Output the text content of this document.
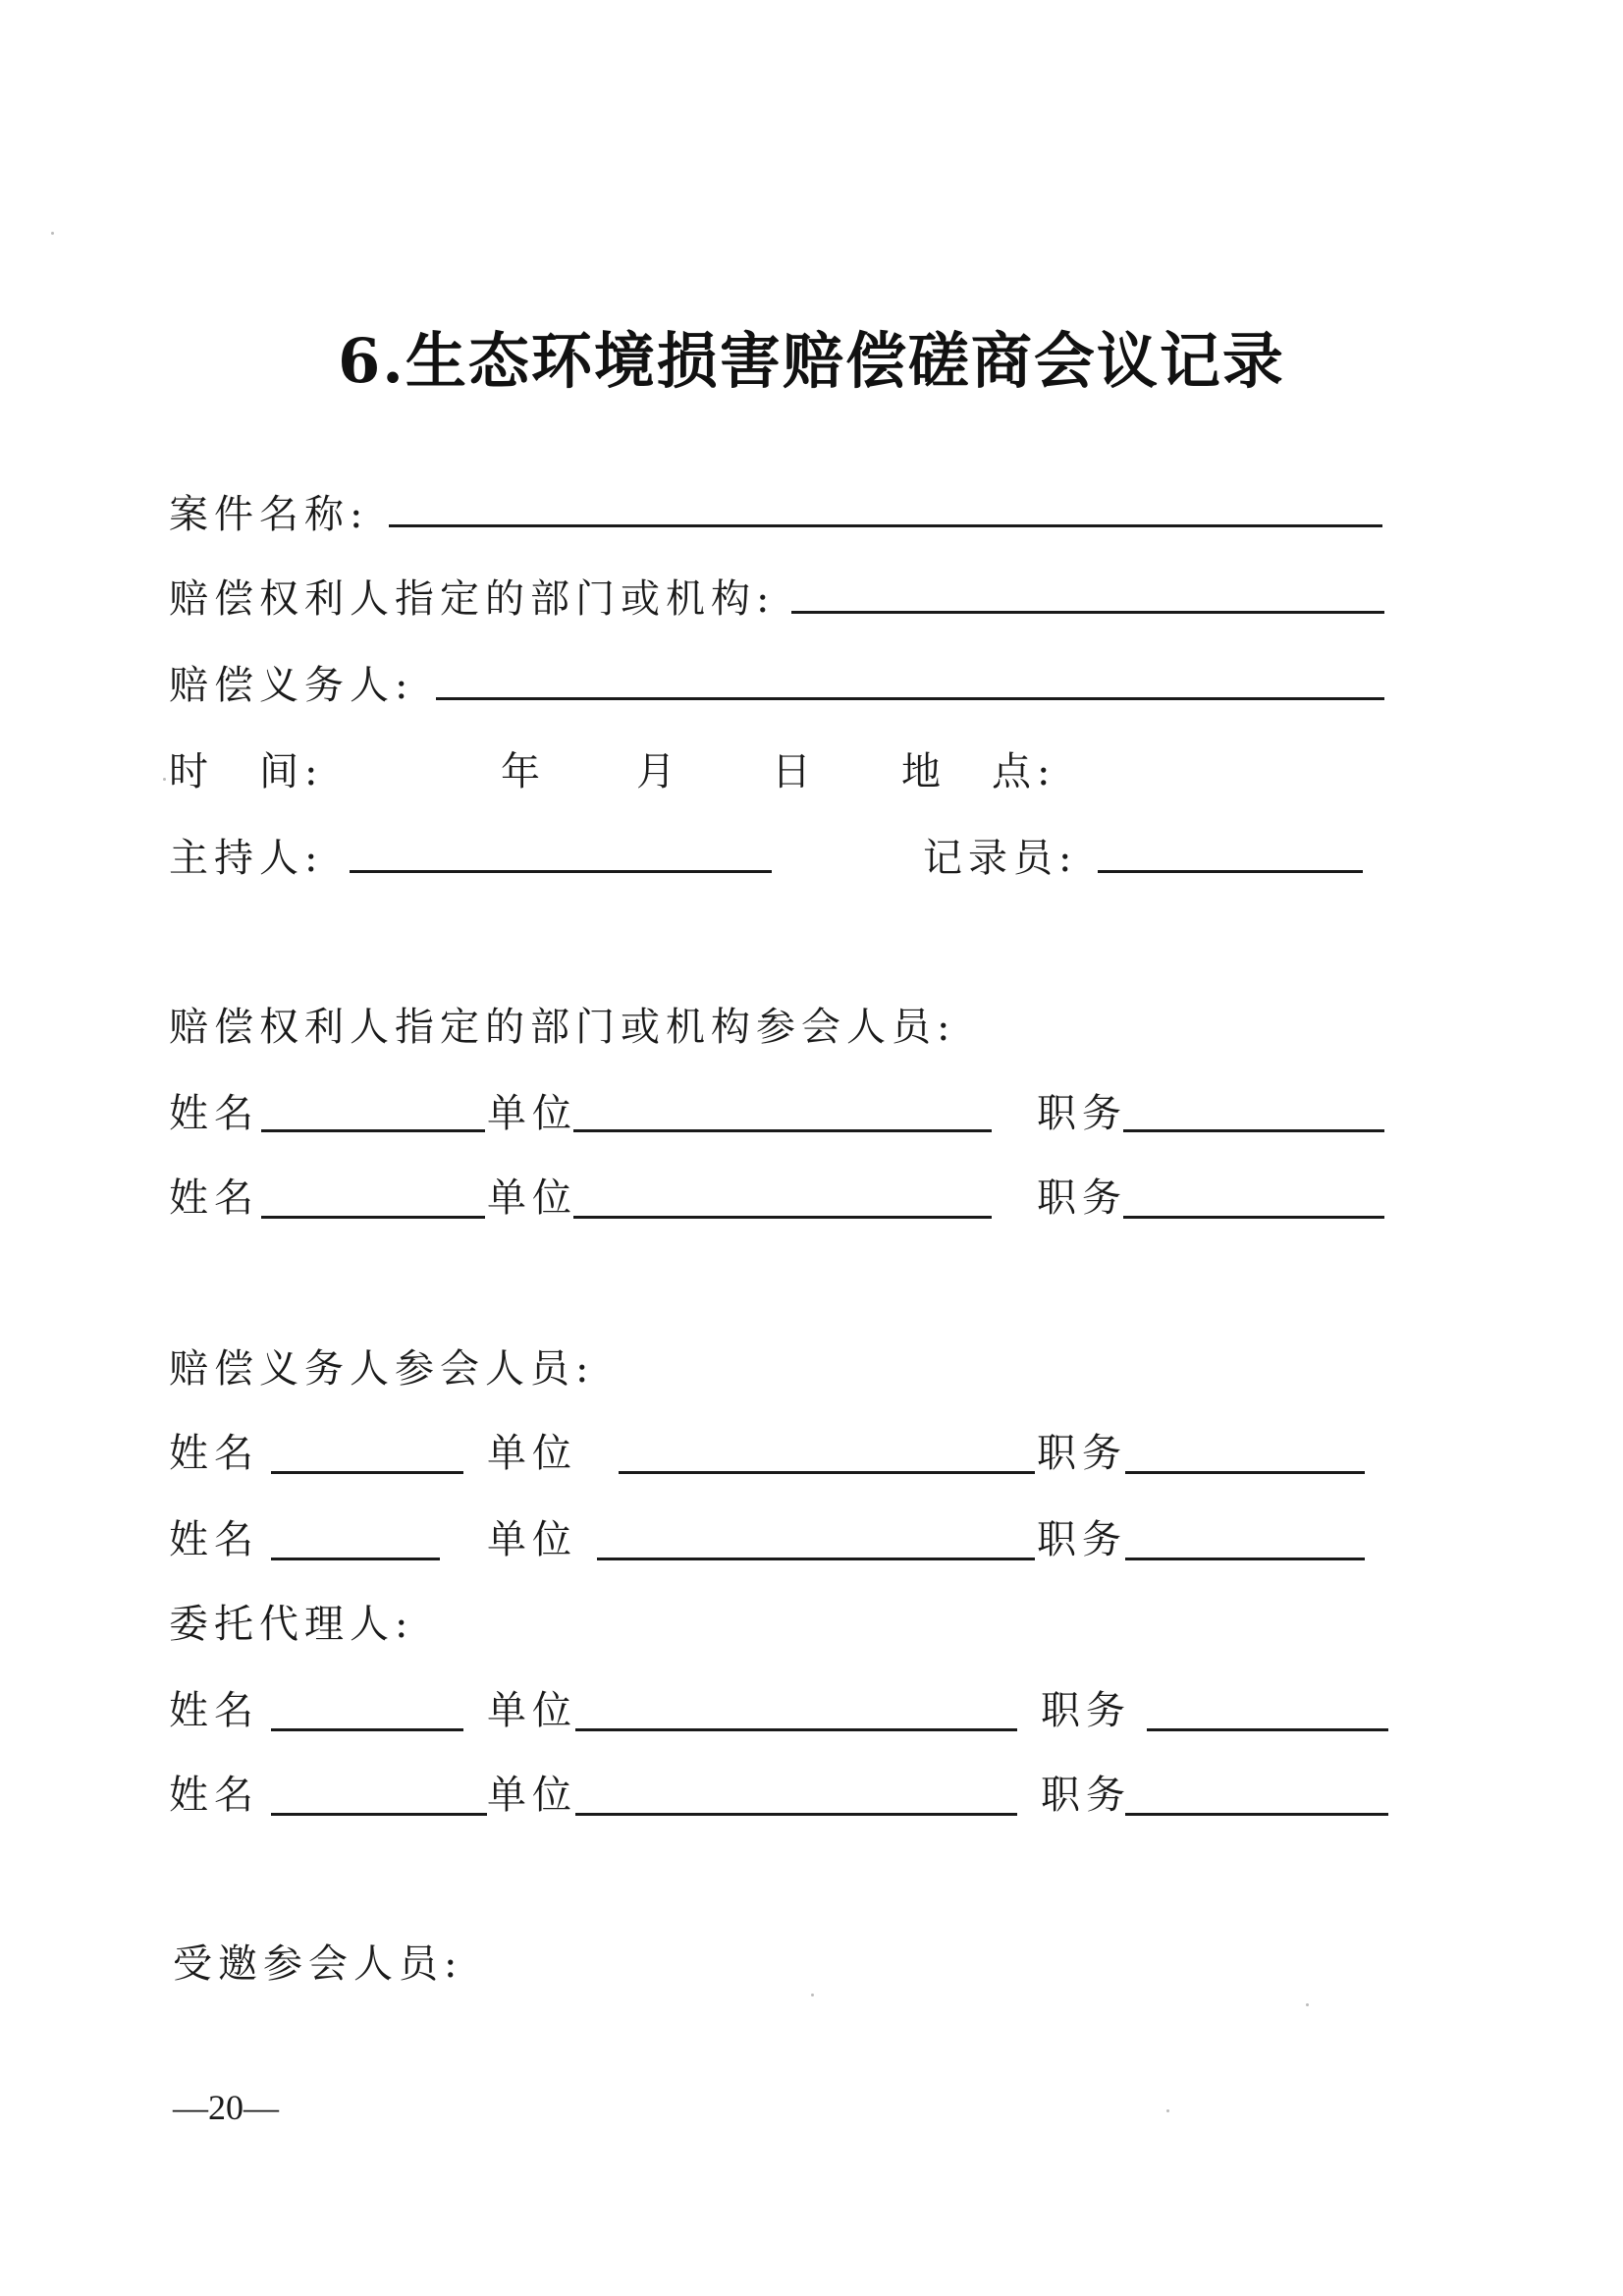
6.生态环境损害赔偿磋商会议记录
案件名称:
赔偿权利人指定的部门或机构:
赔偿义务人:
时　间:	年 月 日 地　点:
主持人:	记录员:
赔偿权利人指定的部门或机构参会人员:
姓名	单位	职务
姓名	单位	职务
赔偿义务人参会人员:
姓名	单位	职务
姓名	单位	职务
委托代理人:
姓名	单位	职务
姓名	单位	职务
受邀参会人员:
—20—
